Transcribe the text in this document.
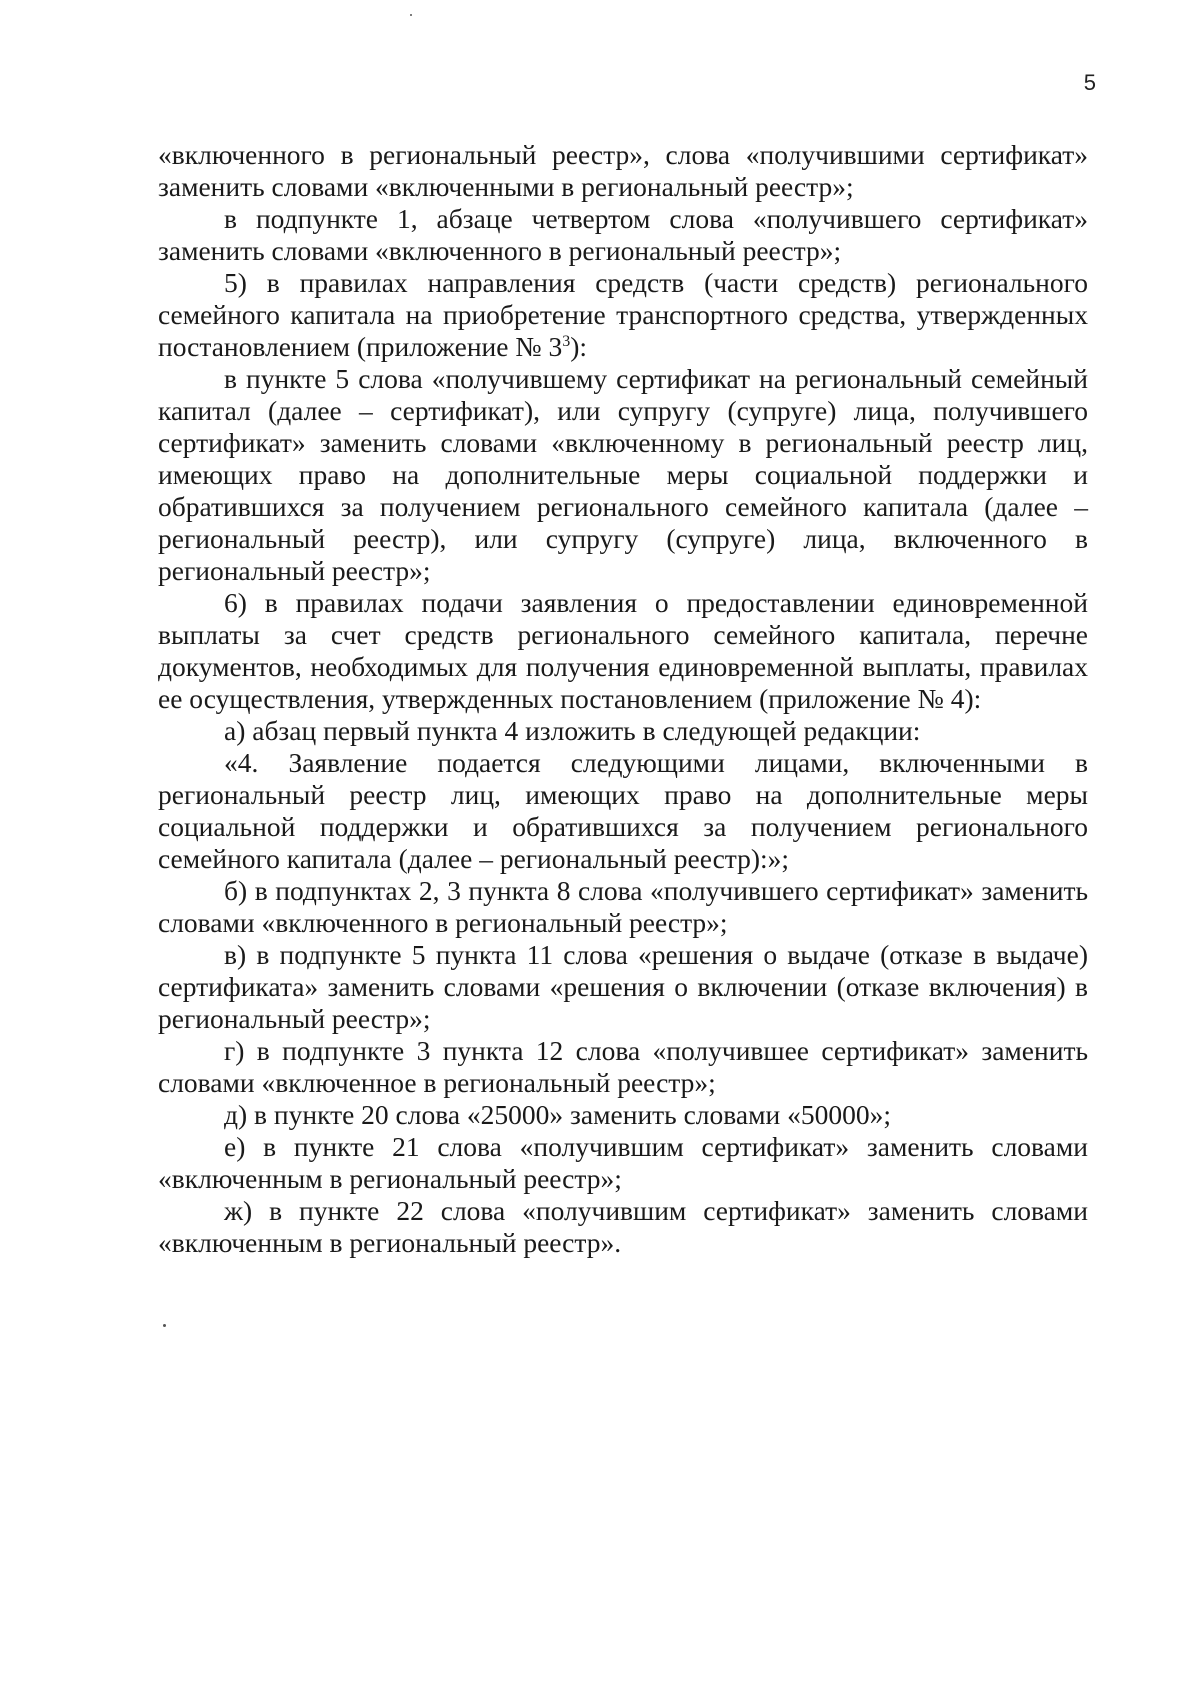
5

«включенного в региональный реестр», слова «получившими сертификат» заменить словами «включенными в региональный реестр»;

в подпункте 1, абзаце четвертом слова «получившего сертификат» заменить словами «включенного в региональный реестр»;

5) в правилах направления средств (части средств) регионального семейного капитала на приобретение транспортного средства, утвержденных постановлением (приложение № $3^3$):

в пункте 5 слова «получившему сертификат на региональный семейный капитал (далее – сертификат), или супругу (супруге) лица, получившего сертификат» заменить словами «включенному в региональный реестр лиц, имеющих право на дополнительные меры социальной поддержки и обратившихся за получением регионального семейного капитала (далее – региональный реестр), или супругу (супруге) лица, включенного в региональный реестр»;

6) в правилах подачи заявления о предоставлении единовременной выплаты за счет средств регионального семейного капитала, перечне документов, необходимых для получения единовременной выплаты, правилах ее осуществления, утвержденных постановлением (приложение № 4):

а) абзац первый пункта 4 изложить в следующей редакции:

«4. Заявление подается следующими лицами, включенными в региональный реестр лиц, имеющих право на дополнительные меры социальной поддержки и обратившихся за получением регионального семейного капитала (далее – региональный реестр):»;

б) в подпунктах 2, 3 пункта 8 слова «получившего сертификат» заменить словами «включенного в региональный реестр»;

в) в подпункте 5 пункта 11 слова «решения о выдаче (отказе в выдаче) сертификата» заменить словами «решения о включении (отказе включения) в региональный реестр»;

г) в подпункте 3 пункта 12 слова «получившее сертификат» заменить словами «включенное в региональный реестр»;

д) в пункте 20 слова «25000» заменить словами «50000»;

е) в пункте 21 слова «получившим сертификат» заменить словами «включенным в региональный реестр»;

ж) в пункте 22 слова «получившим сертификат» заменить словами «включенным в региональный реестр».
